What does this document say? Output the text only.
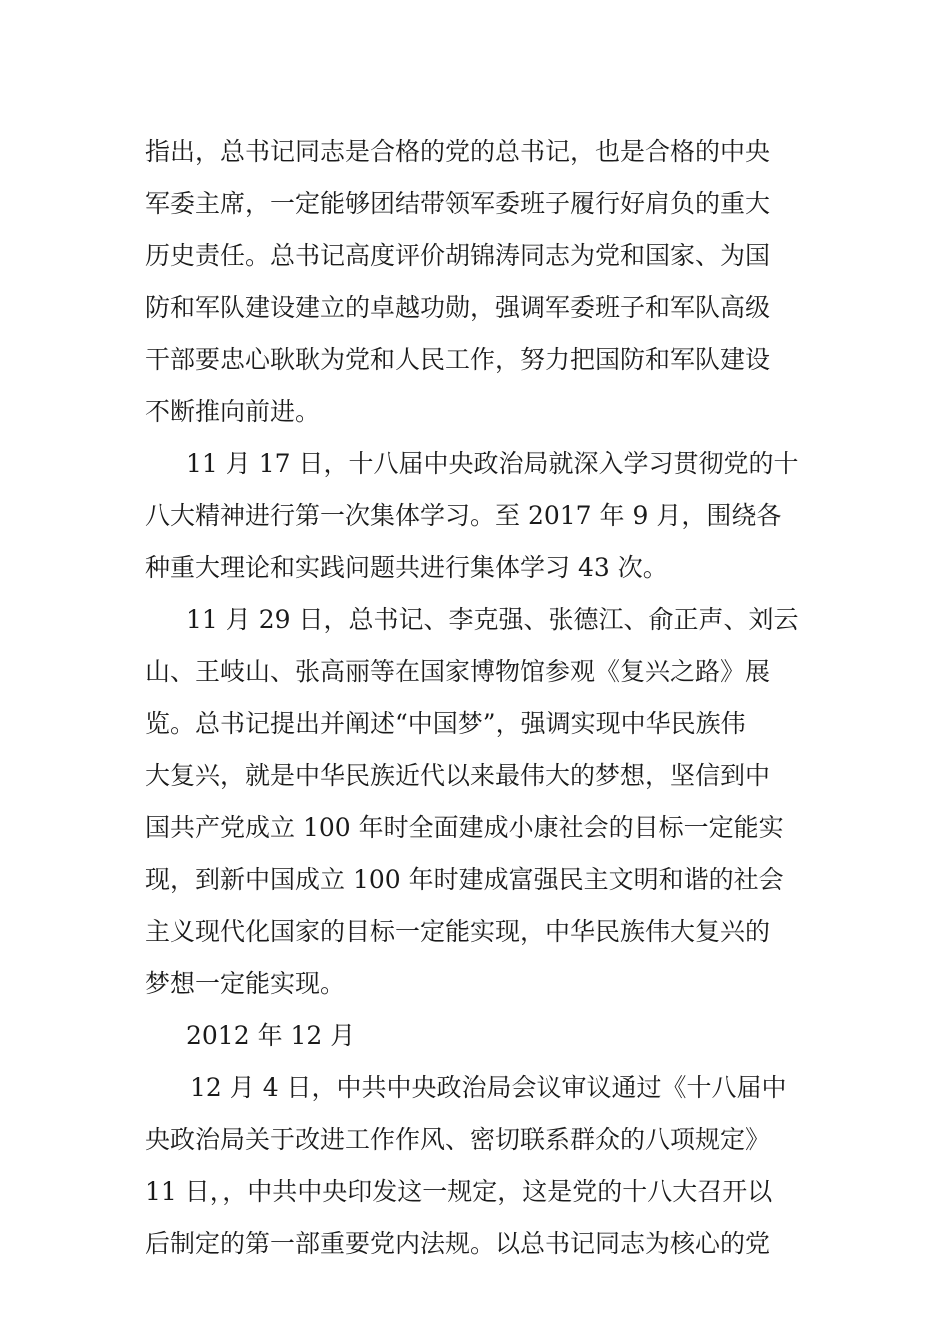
指出，总书记同志是合格的党的总书记，也是合格的中央
军委主席，一定能够团结带领军委班子履行好肩负的重大
历史责任。总书记高度评价胡锦涛同志为党和国家、为国
防和军队建设建立的卓越功勋，强调军委班子和军队高级
干部要忠心耿耿为党和人民工作，努力把国防和军队建设
不断推向前进。
11 月 17 日，十八届中央政治局就深入学习贯彻党的十
八大精神进行第一次集体学习。至 2017 年 9 月，围绕各
种重大理论和实践问题共进行集体学习 43 次。
11 月 29 日，总书记、李克强、张德江、俞正声、刘云
山、王岐山、张高丽等在国家博物馆参观《复兴之路》展
览。总书记提出并阐述“中国梦”，强调实现中华民族伟
大复兴，就是中华民族近代以来最伟大的梦想，坚信到中
国共产党成立 100 年时全面建成小康社会的目标一定能实
现，到新中国成立 100 年时建成富强民主文明和谐的社会
主义现代化国家的目标一定能实现，中华民族伟大复兴的
梦想一定能实现。
2012 年 12 月
12 月 4 日，中共中央政治局会议审议通过《十八届中
央政治局关于改进工作作风、密切联系群众的八项规定》
11 日，，中共中央印发这一规定，这是党的十八大召开以
后制定的第一部重要党内法规。以总书记同志为核心的党
